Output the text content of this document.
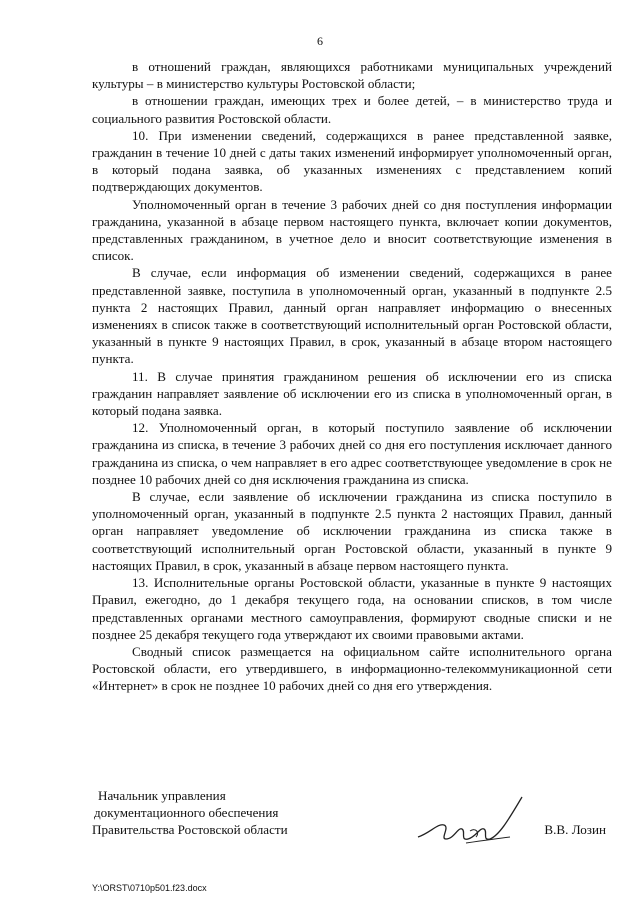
6

в отношений граждан, являющихся работниками муниципальных учреждений культуры – в министерство культуры Ростовской области;

в отношении граждан, имеющих трех и более детей, – в министерство труда и социального развития Ростовской области.

10. При изменении сведений, содержащихся в ранее представленной заявке, гражданин в течение 10 дней с даты таких изменений информирует уполномоченный орган, в который подана заявка, об указанных изменениях с представлением копий подтверждающих документов.

Уполномоченный орган в течение 3 рабочих дней со дня поступления информации гражданина, указанной в абзаце первом настоящего пункта, включает копии документов, представленных гражданином, в учетное дело и вносит соответствующие изменения в список.

В случае, если информация об изменении сведений, содержащихся в ранее представленной заявке, поступила в уполномоченный орган, указанный в подпункте 2.5 пункта 2 настоящих Правил, данный орган направляет информацию о внесенных изменениях в список также в соответствующий исполнительный орган Ростовской области, указанный в пункте 9 настоящих Правил, в срок, указанный в абзаце втором настоящего пункта.

11. В случае принятия гражданином решения об исключении его из списка гражданин направляет заявление об исключении его из списка в уполномоченный орган, в который подана заявка.

12. Уполномоченный орган, в который поступило заявление об исключении гражданина из списка, в течение 3 рабочих дней со дня его поступления исключает данного гражданина из списка, о чем направляет в его адрес соответствующее уведомление в срок не позднее 10 рабочих дней со дня исключения гражданина из списка.

В случае, если заявление об исключении гражданина из списка поступило в уполномоченный орган, указанный в подпункте 2.5 пункта 2 настоящих Правил, данный орган направляет уведомление об исключении гражданина из списка также в соответствующий исполнительный орган Ростовской области, указанный в пункте 9 настоящих Правил, в срок, указанный в абзаце первом настоящего пункта.

13. Исполнительные органы Ростовской области, указанные в пункте 9 настоящих Правил, ежегодно, до 1 декабря текущего года, на основании списков, в том числе представленных органами местного самоуправления, формируют сводные списки и не позднее 25 декабря текущего года утверждают их своими правовыми актами.

Сводный список размещается на официальном сайте исполнительного органа Ростовской области, его утвердившего, в информационно-телекоммуникационной сети «Интернет» в срок не позднее 10 рабочих дней со дня его утверждения.

Начальник управления
документационного обеспечения
Правительства Ростовской области	В.В. Лозин
Y:\ORST\0710p501.f23.docx
